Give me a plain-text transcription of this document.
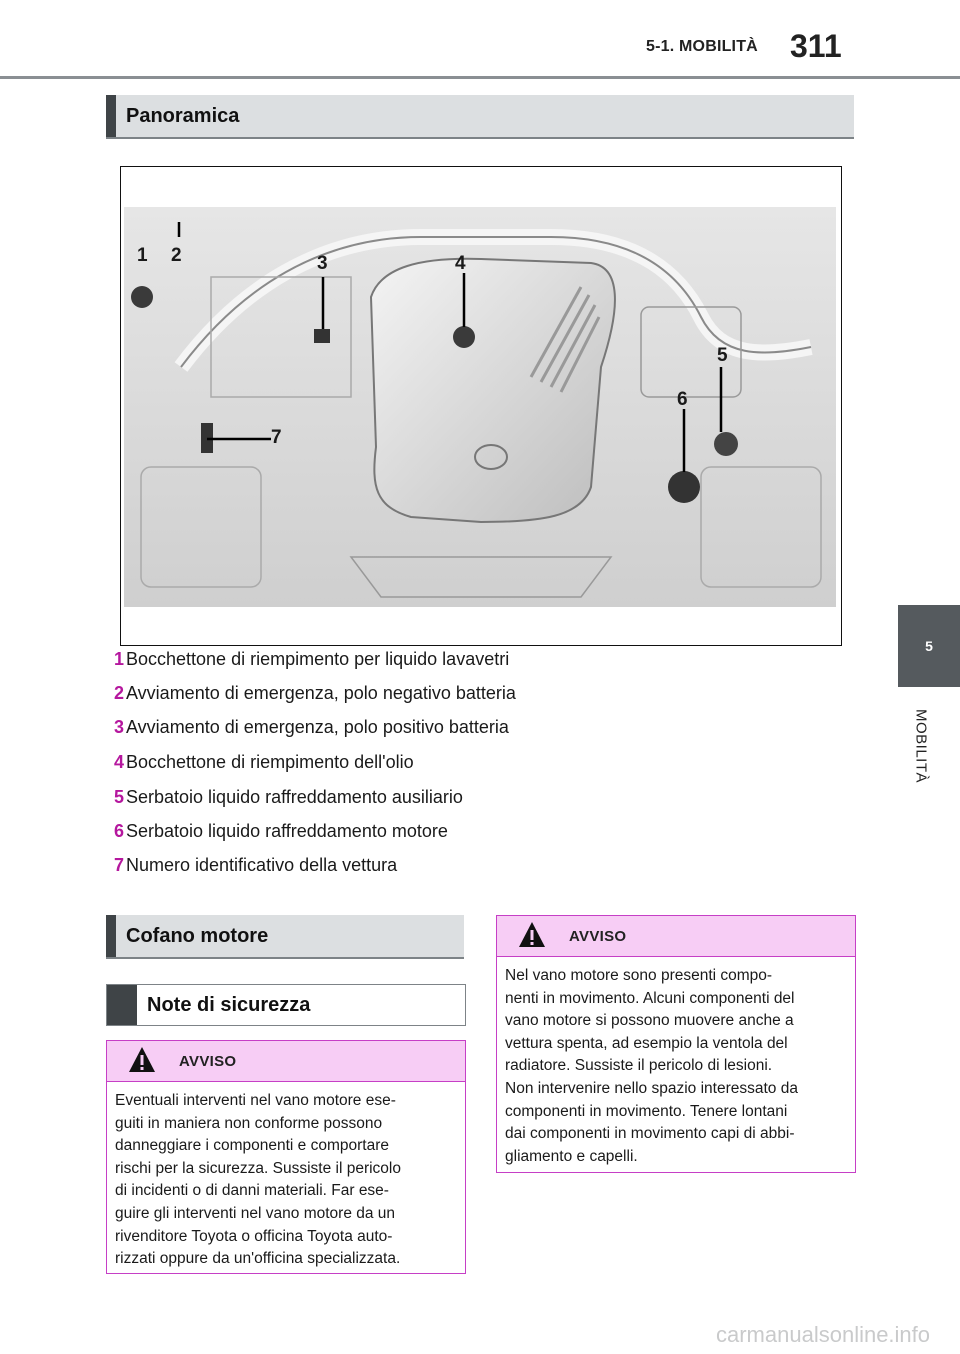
5-1. MOBILITÀ 311
5
MOBILITÀ
Panoramica
1 2	3	4
5
6
7
1 Bocchettone di riempimento per liquido lavavetri
2 Avviamento di emergenza, polo negativo batteria
3 Avviamento di emergenza, polo positivo batteria
4 Bocchettone di riempimento dell'olio
5 Serbatoio liquido raffreddamento ausiliario
6 Serbatoio liquido raffreddamento motore
7 Numero identificativo della vettura
Cofano motore
Note di sicurezza
AVVISO
Eventuali interventi nel vano motore ese-
guiti in maniera non conforme possono
danneggiare i componenti e comportare
rischi per la sicurezza. Sussiste il pericolo
di incidenti o di danni materiali. Far ese-
guire gli interventi nel vano motore da un
rivenditore Toyota o officina Toyota auto-
rizzati oppure da un'officina specializzata.
AVVISO
Nel vano motore sono presenti compo-
nenti in movimento. Alcuni componenti del
vano motore si possono muovere anche a
vettura spenta, ad esempio la ventola del
radiatore. Sussiste il pericolo di lesioni.
Non intervenire nello spazio interessato da
componenti in movimento. Tenere lontani
dai componenti in movimento capi di abbi-
gliamento e capelli.
carmanualsonline.info
